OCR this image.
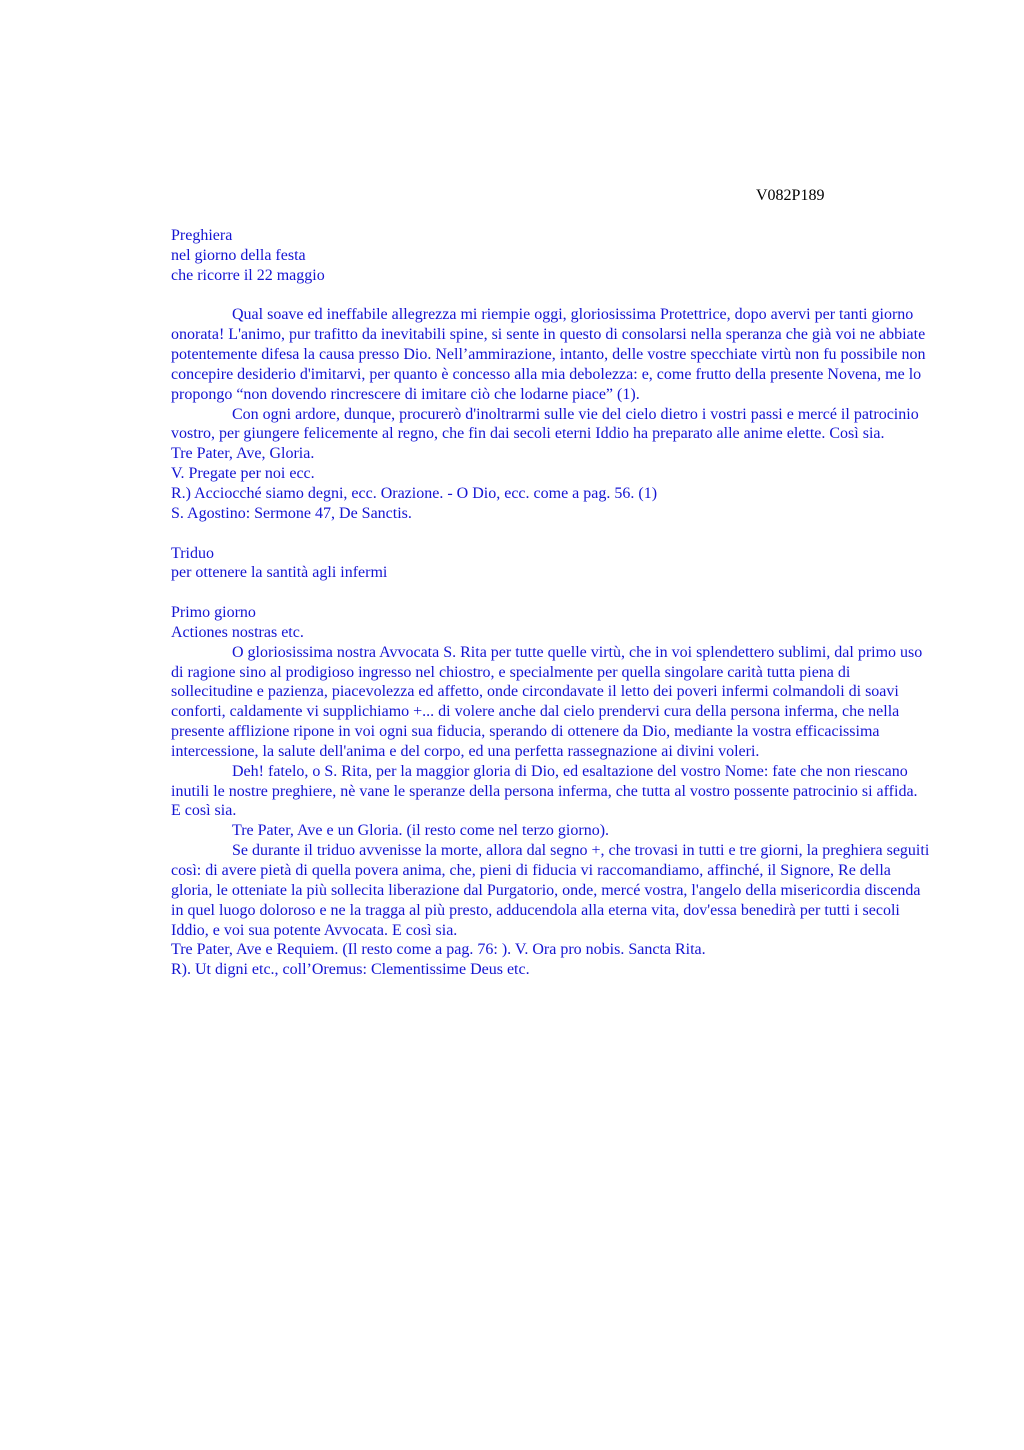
V082P189

Preghiera

nel giorno della festa

che ricorre il 22 maggio

Qual soave ed ineffabile allegrezza mi riempie oggi, gloriosissima Protettrice, dopo avervi per tanti giorno onorata! L'animo, pur trafitto da inevitabili spine, si sente in questo di consolarsi nella speranza che già voi ne abbiate potentemente difesa la causa presso Dio. Nell’ammirazione, intanto, delle vostre specchiate virtù non fu possibile non concepire desiderio d'imitarvi, per quanto è concesso alla mia debolezza: e, come frutto della presente Novena, me lo propongo “non dovendo rincrescere di imitare ciò che lodarne piace” (1).

Con ogni ardore, dunque, procurerò d'inoltrarmi sulle vie del cielo dietro i vostri passi e mercé il patrocinio vostro, per giungere felicemente al regno, che fin dai secoli eterni Iddio ha preparato alle anime elette. Così sia.

Tre Pater, Ave, Gloria.

V. Pregate per noi ecc.

R.) Acciocché siamo degni, ecc. Orazione. - O Dio, ecc. come a pag. 56. (1)

S. Agostino: Sermone 47, De Sanctis.

Triduo

per ottenere la santità agli infermi

Primo giorno

Actiones nostras etc.

O gloriosissima nostra Avvocata S. Rita per tutte quelle virtù, che in voi splendettero sublimi, dal primo uso di ragione sino al prodigioso ingresso nel chiostro, e specialmente per quella singolare carità tutta piena di sollecitudine e pazienza, piacevolezza ed affetto, onde circondavate il letto dei poveri infermi colmandoli di soavi conforti, caldamente vi supplichiamo +... di volere anche dal cielo prendervi cura della persona inferma, che nella presente afflizione ripone in voi ogni sua fiducia, sperando di ottenere da Dio, mediante la vostra efficacissima intercessione, la salute dell'anima e del corpo, ed una perfetta rassegnazione ai divini voleri.

Deh! fatelo, o S. Rita, per la maggior gloria di Dio, ed esaltazione del vostro Nome: fate che non riescano inutili le nostre preghiere, nè vane le speranze della persona inferma, che tutta al vostro possente patrocinio si affida. E così sia.

Tre Pater, Ave e un Gloria. (il resto come nel terzo giorno).

Se durante il triduo avvenisse la morte, allora dal segno +, che trovasi in tutti e tre giorni, la preghiera seguiti così: di avere pietà di quella povera anima, che, pieni di fiducia vi raccomandiamo, affinché, il Signore, Re della gloria, le otteniate la più sollecita liberazione dal Purgatorio, onde, mercé vostra, l'angelo della misericordia discenda in quel luogo doloroso e ne la tragga al più presto, adducendola alla eterna vita, dov'essa benedirà per tutti i secoli Iddio, e voi sua potente Avvocata. E così sia.

Tre Pater, Ave e Requiem. (Il resto come a pag. 76: ). V. Ora pro nobis. Sancta Rita.

R). Ut digni etc., coll’Oremus: Clementissime Deus etc.
